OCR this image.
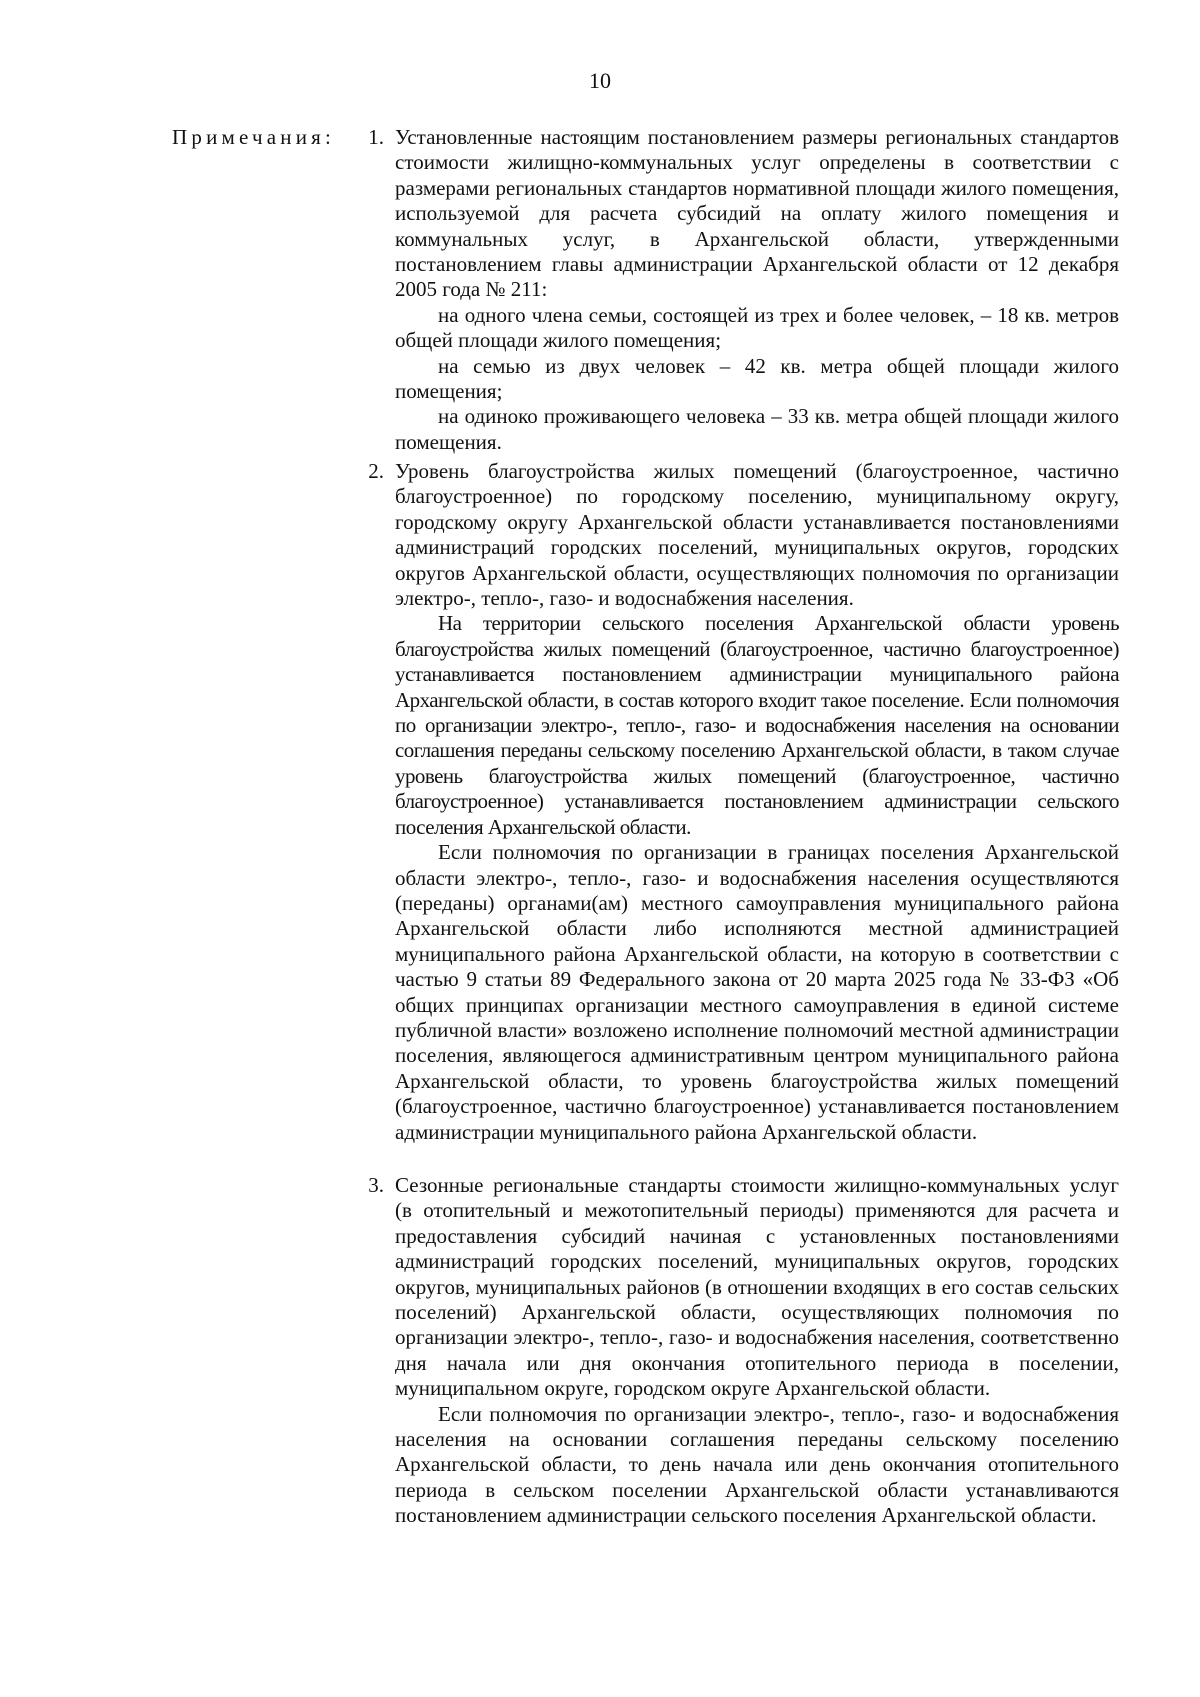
10
Примечания:	1. Установленные настоящим постановлением размеры региональных стандартов стоимости жилищно-коммунальных услуг определены в соответствии с размерами региональных стандартов нормативной площади жилого помещения, используемой для расчета субсидий на оплату жилого помещения и коммунальных услуг, в Архангельской области, утвержденными постановлением главы администрации Архангельской области от 12 декабря 2005 года № 211:

на одного члена семьи, состоящей из трех и более человек, – 18 кв. метров общей площади жилого помещения;

на семью из двух человек – 42 кв. метра общей площади жилого помещения;

на одиноко проживающего человека – 33 кв. метра общей площади жилого помещения.

2. Уровень благоустройства жилых помещений (благоустроенное, частично благоустроенное) по городскому поселению, муниципальному округу, городскому округу Архангельской области устанавливается постановлениями администраций городских поселений, муниципальных округов, городских округов Архангельской области, осуществляющих полномочия по организации электро-, тепло-, газо- и водоснабжения населения.

На территории сельского поселения Архангельской области уровень благоустройства жилых помещений (благоустроенное, частично благоустроенное) устанавливается постановлением администрации муниципального района Архангельской области, в состав которого входит такое поселение. Если полномочия по организации электро-, тепло-, газо- и водоснабжения населения на основании соглашения переданы сельскому поселению Архангельской области, в таком случае уровень благоустройства жилых помещений (благоустроенное, частично благоустроенное) устанавливается постановлением администрации сельского поселения Архангельской области.

Если полномочия по организации в границах поселения Архангельской области электро-, тепло-, газо- и водоснабжения населения осуществляются (переданы) органами(ам) местного самоуправления муниципального района Архангельской области либо исполняются местной администрацией муниципального района Архангельской области, на которую в соответствии с частью 9 статьи 89 Федерального закона от 20 марта 2025 года № 33-ФЗ «Об общих принципах организации местного самоуправления в единой системе публичной власти» возложено исполнение полномочий местной администрации поселения, являющегося административным центром муниципального района Архангельской области, то уровень благоустройства жилых помещений (благоустроенное, частично благоустроенное) устанавливается постановлением администрации муниципального района Архангельской области.

3. Сезонные региональные стандарты стоимости жилищно-коммунальных услуг (в отопительный и межотопительный периоды) применяются для расчета и предоставления субсидий начиная с установленных постановлениями администраций городских поселений, муниципальных округов, городских округов, муниципальных районов (в отношении входящих в его состав сельских поселений) Архангельской области, осуществляющих полномочия по организации электро-, тепло-, газо- и водоснабжения населения, соответственно дня начала или дня окончания отопительного периода в поселении, муниципальном округе, городском округе Архангельской области.

Если полномочия по организации электро-, тепло-, газо- и водоснабжения населения на основании соглашения переданы сельскому поселению Архангельской области, то день начала или день окончания отопительного периода в сельском поселении Архангельской области устанавливаются постановлением администрации сельского поселения Архангельской области.
